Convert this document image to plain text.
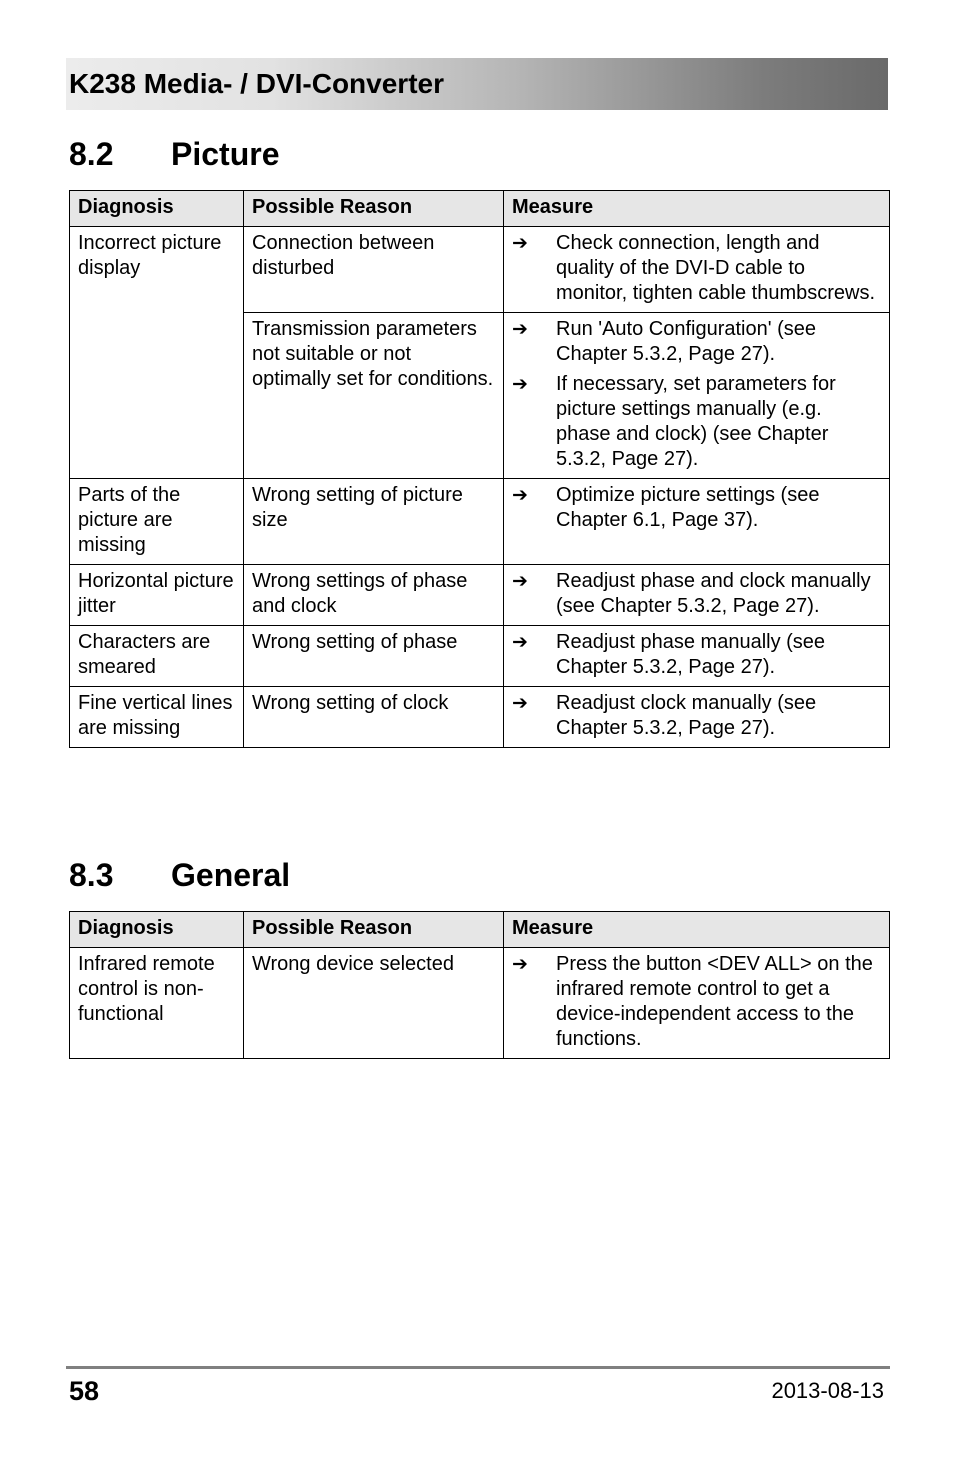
K238 Media- / DVI-Converter
8.2 Picture
Diagnosis	Possible Reason	Measure
Incorrect picture display	Connection between disturbed	➔ Check connection, length and quality of the DVI-D cable to monitor, tighten cable thumbscrews.

	Transmission parameters not suitable or not optimally set for conditions.	➔ Run 'Auto Configuration' (see Chapter 5.3.2, Page 27).
➔ If necessary, set parameters for picture settings manually (e.g. phase and clock) (see Chapter 5.3.2, Page 27).

Parts of the picture are missing	Wrong setting of picture size	➔ Optimize picture settings (see Chapter 6.1, Page 37).

Horizontal picture jitter	Wrong settings of phase and clock	➔ Readjust phase and clock manually (see Chapter 5.3.2, Page 27).

Characters are smeared	Wrong setting of phase	➔ Readjust phase manually (see Chapter 5.3.2, Page 27).

Fine vertical lines are missing	Wrong setting of clock	➔ Readjust clock manually (see Chapter 5.3.2, Page 27).
8.3 General
Diagnosis	Possible Reason	Measure
Infrared remote control is non-functional	Wrong device selected	➔ Press the button <DEV ALL> on the infrared remote control to get a device-independent access to the functions.
58	2013-08-13
